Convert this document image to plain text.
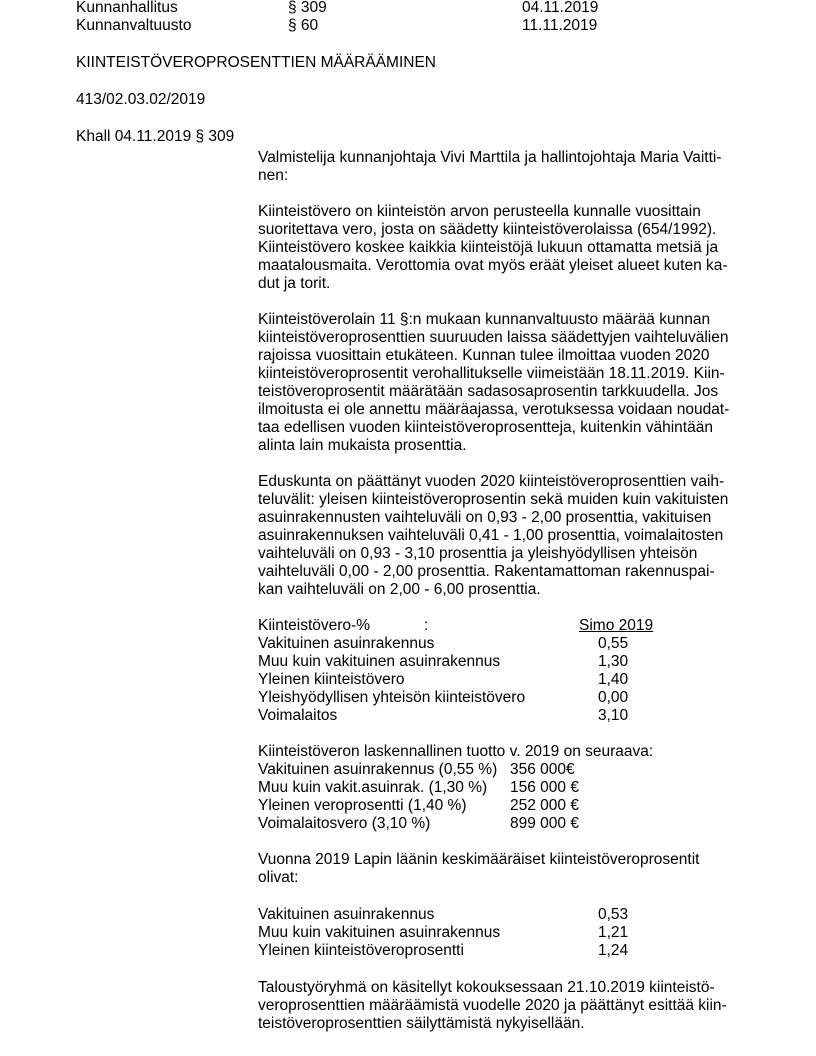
Kunnanhallitus	§ 309	04.11.2019
Kunnanvaltuusto	§ 60	11.11.2019
KIINTEISTÖVEROPROSENTTIEN MÄÄRÄÄMINEN
413/02.03.02/2019
Khall 04.11.2019 § 309

Valmistelija kunnanjohtaja Vivi Marttila ja hallintojohtaja Maria Vaitti-
nen:

Kiinteistövero on kiinteistön arvon perusteella kunnalle vuosittain
suoritettava vero, josta on säädetty kiinteistöverolaissa (654/1992).
Kiinteistövero koskee kaikkia kiinteistöjä lukuun ottamatta metsiä ja
maatalousmaita. Verottomia ovat myös eräät yleiset alueet kuten ka-
dut ja torit.

Kiinteistöverolain 11 §:n mukaan kunnanvaltuusto määrää kunnan
kiinteistöveroprosenttien suuruuden laissa säädettyjen vaihteluvälien
rajoissa vuosittain etukäteen. Kunnan tulee ilmoittaa vuoden 2020
kiinteistöveroprosentit verohallitukselle viimeistään 18.11.2019. Kiin-
teistöveroprosentit määrätään sadasosaprosentin tarkkuudella. Jos
ilmoitusta ei ole annettu määräajassa, verotuksessa voidaan noudat-
taa edellisen vuoden kiinteistöveroprosentteja, kuitenkin vähintään
alinta lain mukaista prosenttia.

Eduskunta on päättänyt vuoden 2020 kiinteistöveroprosenttien vaih-
teluvälit: yleisen kiinteistöveroprosentin sekä muiden kuin vakituisten
asuinrakennusten vaihteluväli on 0,93 - 2,00 prosenttia, vakituisen
asuinrakennuksen vaihteluväli 0,41 - 1,00 prosenttia, voimalaitosten
vaihteluväli on 0,93 - 3,10 prosenttia ja yleishyödyllisen yhteisön
vaihteluväli 0,00 - 2,00 prosenttia. Rakentamattoman rakennuspai-
kan vaihteluväli on 2,00 - 6,00 prosenttia.

Kiinteistövero-%	:	Simo 2019
Vakituinen asuinrakennus	0,55
Muu kuin vakituinen asuinrakennus	1,30
Yleinen kiinteistövero	1,40
Yleishyödyllisen yhteisön kiinteistövero	0,00
Voimalaitos	3,10
Kiinteistöveron laskennallinen tuotto v. 2019 on seuraava:
Vakituinen asuinrakennus (0,55 %) 356 000€
Muu kuin vakit.asuinrak. (1,30 %) 156 000 €
Yleinen veroprosentti (1,40 %)	252 000 €
Voimalaitosvero (3,10 %)	899 000 €

Vuonna 2019 Lapin läänin keskimääräiset kiinteistöveroprosentit
olivat:

Vakituinen asuinrakennus	0,53
Muu kuin vakituinen asuinrakennus	1,21
Yleinen kiinteistöveroprosentti	1,24

Taloustyöryhmä on käsitellyt kokouksessaan 21.10.2019 kiinteistö-
veroprosenttien määräämistä vuodelle 2020 ja päättänyt esittää kiin-
teistöveroprosenttien säilyttämistä nykyisellään.
